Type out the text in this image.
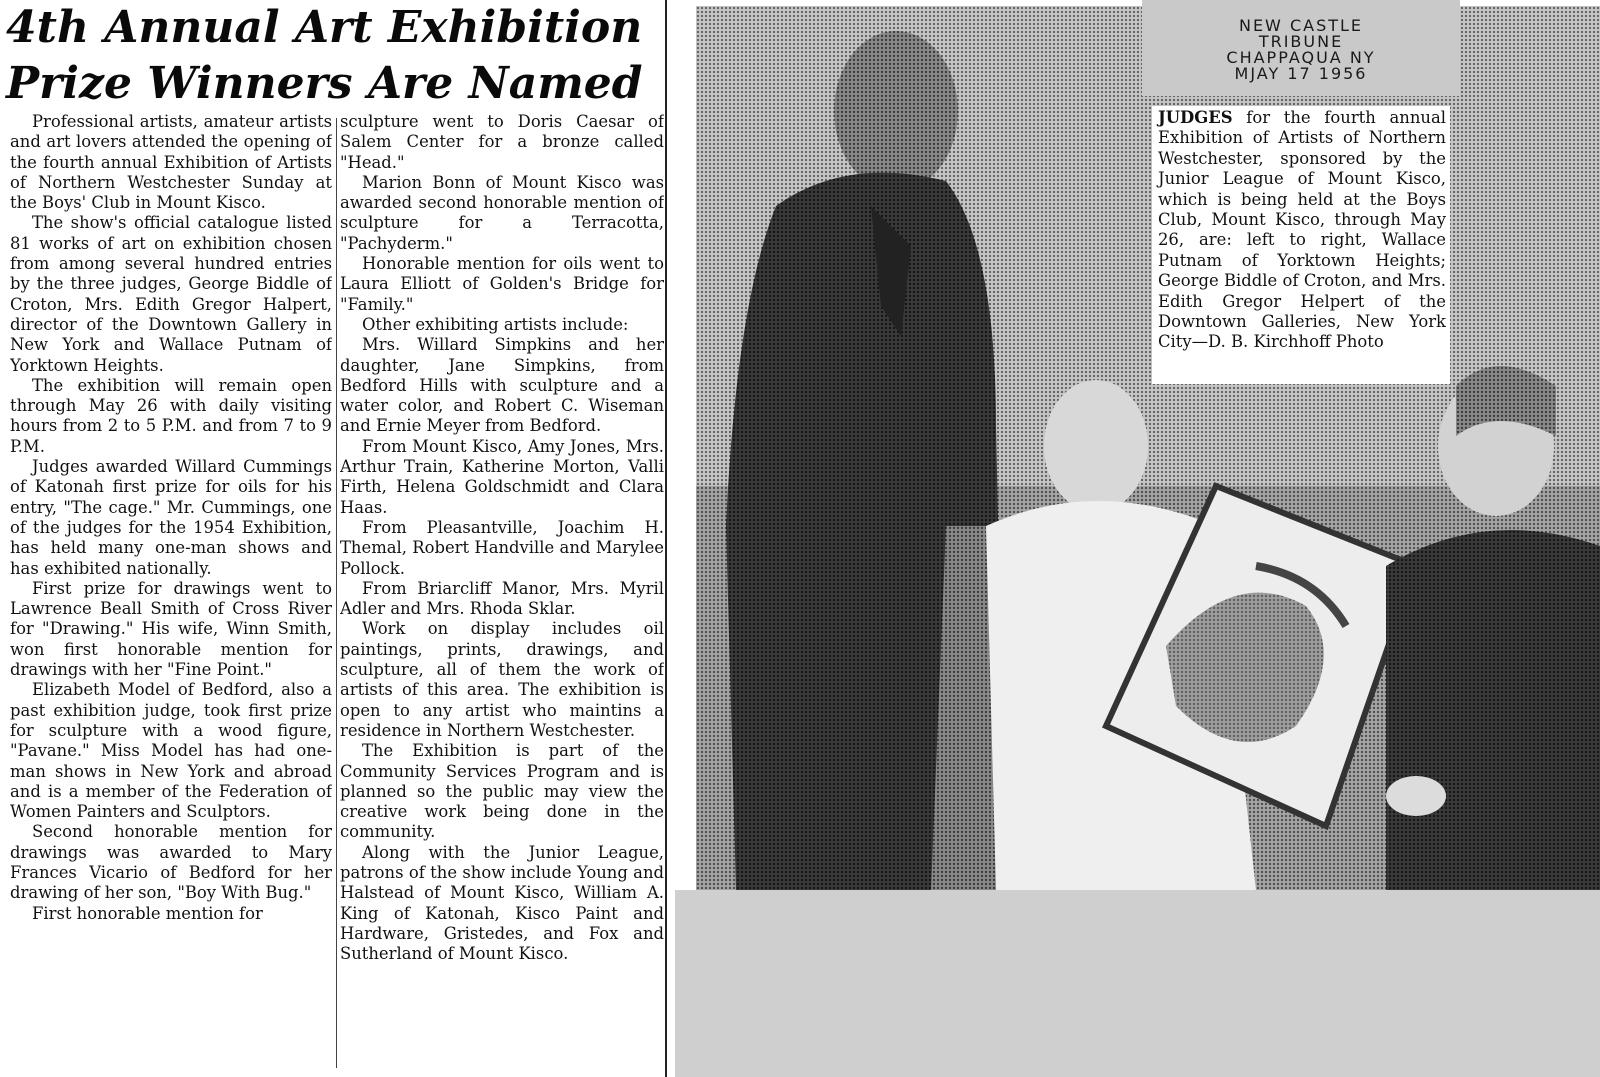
4th Annual Art Exhibition
Prize Winners Are Named

Professional artists, amateur artists and art lovers attended the opening of the fourth annual Exhibition of Artists of Northern Westchester Sunday at the Boys' Club in Mount Kisco.

The show's official catalogue listed 81 works of art on exhibition chosen from among several hundred entries by the three judges, George Biddle of Croton, Mrs. Edith Gregor Halpert, director of the Downtown Gallery in New York and Wallace Putnam of Yorktown Heights.

The exhibition will remain open through May 26 with daily visiting hours from 2 to 5 P.M. and from 7 to 9 P.M.

Judges awarded Willard Cummings of Katonah first prize for oils for his entry, "The cage." Mr. Cummings, one of the judges for the 1954 Exhibition, has held many one-man shows and has exhibited nationally.

First prize for drawings went to Lawrence Beall Smith of Cross River for "Drawing." His wife, Winn Smith, won first honorable mention for drawings with her "Fine Point."

Elizabeth Model of Bedford, also a past exhibition judge, took first prize for sculpture with a wood figure, "Pavane." Miss Model has had one-man shows in New York and abroad and is a member of the Federation of Women Painters and Sculptors.

Second honorable mention for drawings was awarded to Mary Frances Vicario of Bedford for her drawing of her son, "Boy With Bug."

First honorable mention for

sculpture went to Doris Caesar of Salem Center for a bronze called "Head."

Marion Bonn of Mount Kisco was awarded second honorable mention of sculpture for a Terracotta, "Pachyderm."

Honorable mention for oils went to Laura Elliott of Golden's Bridge for "Family."

Other exhibiting artists include:

Mrs. Willard Simpkins and her daughter, Jane Simpkins, from Bedford Hills with sculpture and a water color, and Robert C. Wiseman and Ernie Meyer from Bedford.

From Mount Kisco, Amy Jones, Mrs. Arthur Train, Katherine Morton, Valli Firth, Helena Goldschmidt and Clara Haas.

From Pleasantville, Joachim H. Themal, Robert Handville and Marylee Pollock.

From Briarcliff Manor, Mrs. Myril Adler and Mrs. Rhoda Sklar.

Work on display includes oil paintings, prints, drawings, and sculpture, all of them the work of artists of this area. The exhibition is open to any artist who maintins a residence in Northern Westchester.

The Exhibition is part of the Community Services Program and is planned so the public may view the creative work being done in the community.

Along with the Junior League, patrons of the show include Young and Halstead of Mount Kisco, William A. King of Katonah, Kisco Paint and Hardware, Gristedes, and Fox and Sutherland of Mount Kisco.

NEW CASTLE
TRIBUNE
CHAPPAQUA NY
MJAY 17 1956
JUDGES for the fourth annual Exhibition of Artists of Northern Westchester, sponsored by the Junior League of Mount Kisco, which is being held at the Boys Club, Mount Kisco, through May 26, are: left to right, Wallace Putnam of Yorktown Heights; George Biddle of Croton, and Mrs. Edith Gregor Helpert of the Downtown Galleries, New York City—D. B. Kirchhoff Photo
